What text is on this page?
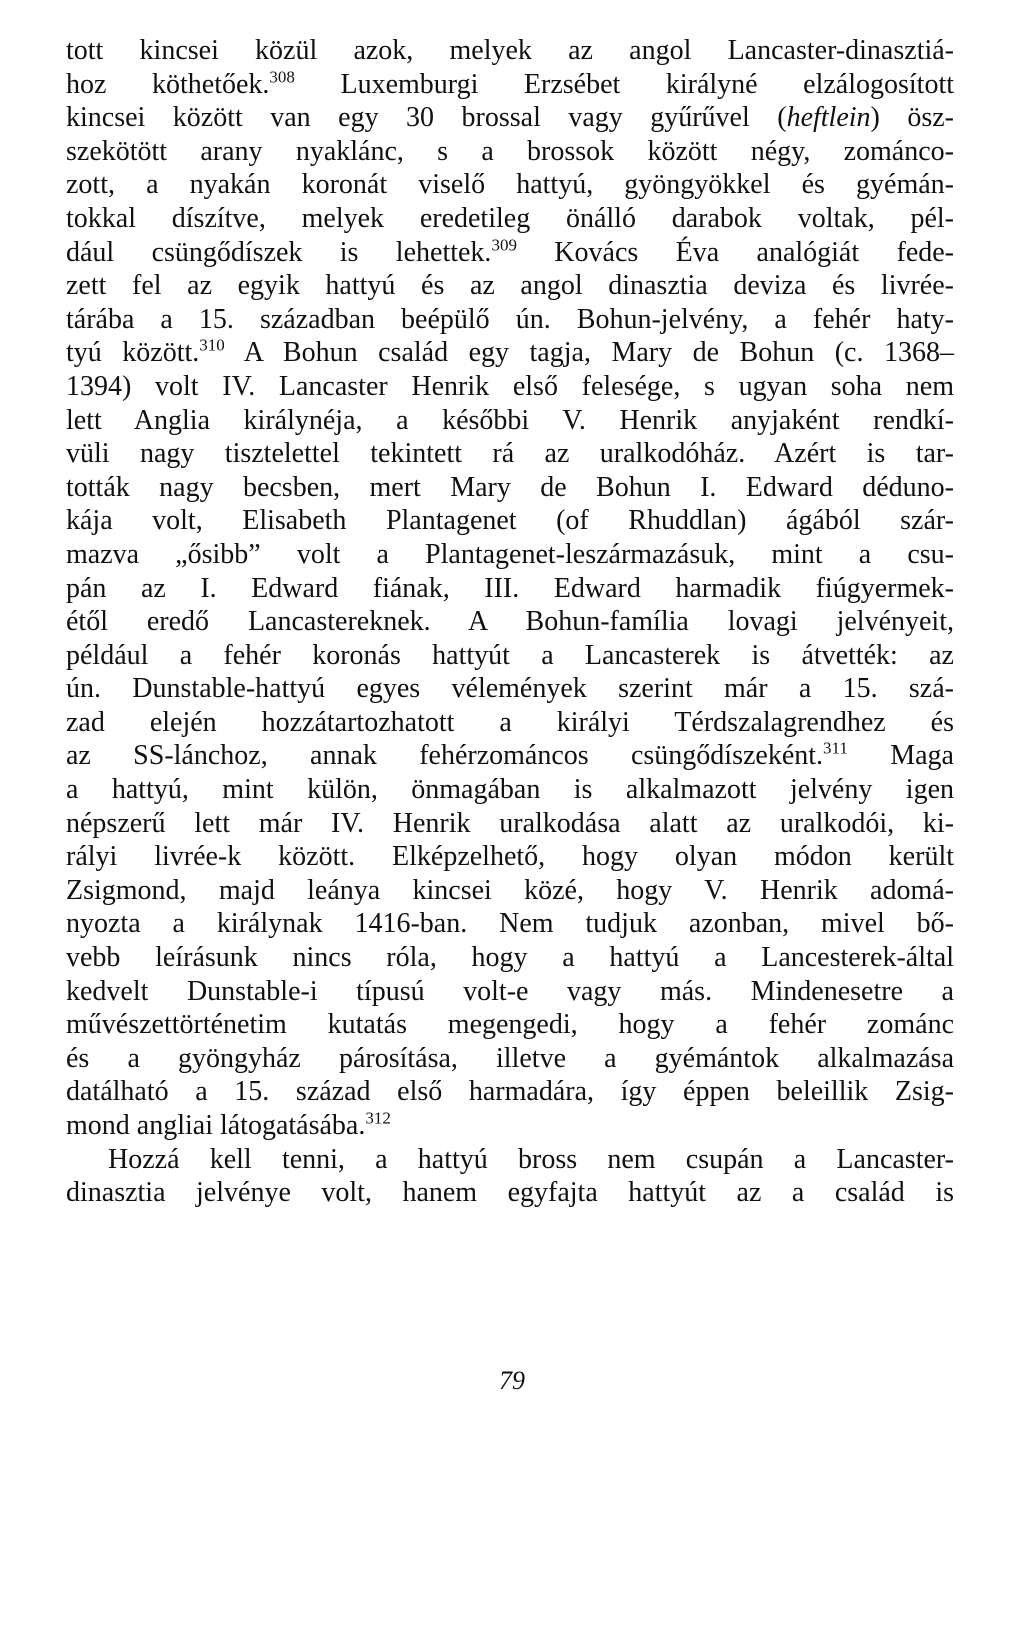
tott kincsei közül azok, melyek az angol Lancaster-dinasztiá-
hoz köthetőek.$^{308}$ Luxemburgi Erzsébet királyné elzálogosított
kincsei között van egy 30 brossal vagy gyűrűvel (heftlein) ösz-
szekötött arany nyaklánc, s a brossok között négy, zománco-
zott, a nyakán koronát viselő hattyú, gyöngyökkel és gyémán-
tokkal díszítve, melyek eredetileg önálló darabok voltak, pél-
dául csüngődíszek is lehettek.$^{309}$ Kovács Éva analógiát fede-
zett fel az egyik hattyú és az angol dinasztia deviza és livrée-
tárába a 15. században beépülő ún. Bohun-jelvény, a fehér haty-
tyú között.$^{310}$ A Bohun család egy tagja, Mary de Bohun (c. 1368–
1394) volt IV. Lancaster Henrik első felesége, s ugyan soha nem
lett Anglia királynéja, a későbbi V. Henrik anyjaként rendkí-
vüli nagy tisztelettel tekintett rá az uralkodóház. Azért is tar-
tották nagy becsben, mert Mary de Bohun I. Edward déduno-
kája volt, Elisabeth Plantagenet (of Rhuddlan) ágából szár-
mazva „ősibb” volt a Plantagenet-leszármazásuk, mint a csu-
pán az I. Edward fiának, III. Edward harmadik fiúgyermek-
étől eredő Lancastereknek. A Bohun-família lovagi jelvényeit,
például a fehér koronás hattyút a Lancasterek is átvették: az
ún. Dunstable-hattyú egyes vélemények szerint már a 15. szá-
zad elején hozzátartozhatott a királyi Térdszalagrendhez és
az SS-lánchoz, annak fehérzománcos csüngődíszeként.$^{311}$ Maga
a hattyú, mint külön, önmagában is alkalmazott jelvény igen
népszerű lett már IV. Henrik uralkodása alatt az uralkodói, ki-
rályi livrée-k között. Elképzelhető, hogy olyan módon került
Zsigmond, majd leánya kincsei közé, hogy V. Henrik adomá-
nyozta a királynak 1416-ban. Nem tudjuk azonban, mivel bő-
vebb leírásunk nincs róla, hogy a hattyú a Lancesterek-által
kedvelt Dunstable-i típusú volt-e vagy más. Mindenesetre a
művészettörténetim kutatás megengedi, hogy a fehér zománc
és a gyöngyház párosítása, illetve a gyémántok alkalmazása
datálható a 15. század első harmadára, így éppen beleillik Zsig-
mond angliai látogatásába.$^{312}$
Hozzá kell tenni, a hattyú bross nem csupán a Lancaster-
dinasztia jelvénye volt, hanem egyfajta hattyút az a család is
79
